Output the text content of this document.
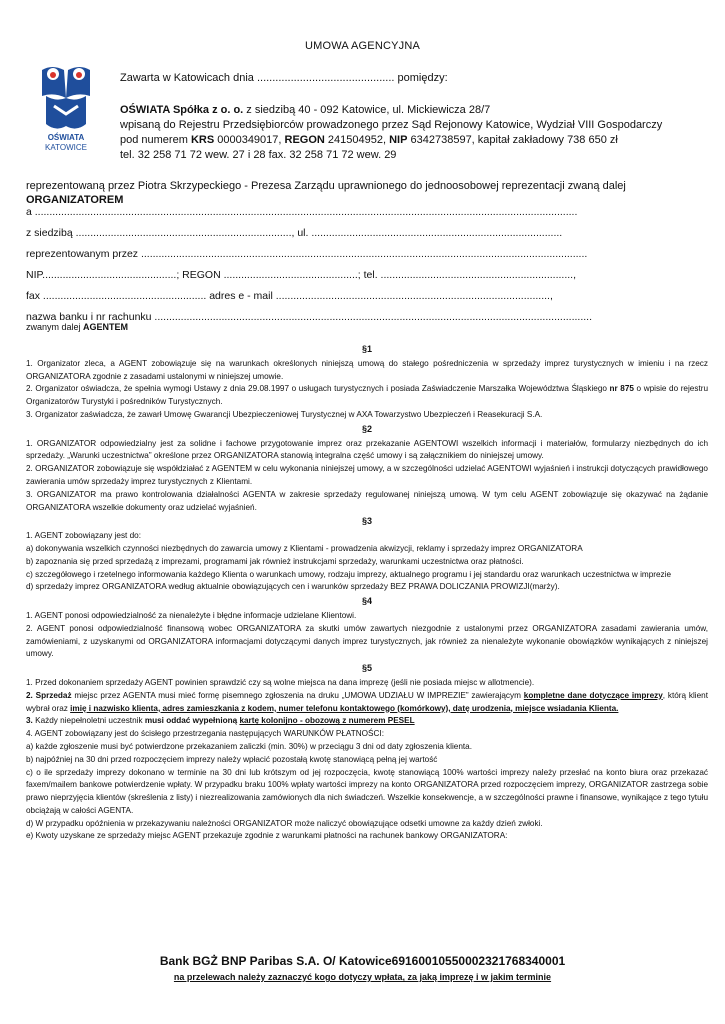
UMOWA AGENCYJNA
OŚWIATA
KATOWICE
Zawarta w Katowicach dnia ............................................. pomiędzy:
OŚWIATA Spółka z o. o. z siedzibą 40 - 092 Katowice, ul. Mickiewicza 28/7
wpisaną do Rejestru Przedsiębiorców prowadzonego przez Sąd Rejonowy Katowice, Wydział VIII Gospodarczy
pod numerem KRS 0000349017, REGON 241504952, NIP 6342738597, kapitał zakładowy 738 650 zł
tel. 32 258 71 72 wew. 27 i 28 fax. 32 258 71 72 wew. 29
reprezentowaną przez Piotra Skrzypeckiego - Prezesa Zarządu uprawnionego do jednoosobowej reprezentacji zwaną dalej
ORGANIZATOREM
a ..........................................................................................................................................................................................
z siedzibą .........................................................................., ul. ......................................................................................
reprezentowanym przez .........................................................................................................................................................
NIP..............................................; REGON ..............................................; tel. ..................................................................,
fax ........................................................ adres e - mail ..............................................................................................,
nazwa banku i nr rachunku ......................................................................................................................................................
zwanym dalej AGENTEM
§1

1. Organizator zleca, a AGENT zobowiązuje się na warunkach określonych niniejszą umową do stałego pośredniczenia w sprzedaży imprez turystycznych w imieniu i na rzecz ORGANIZATORA zgodnie z zasadami ustalonymi w niniejszej umowie.

2. Organizator oświadcza, że spełnia wymogi Ustawy z dnia 29.08.1997 o usługach turystycznych i posiada Zaświadczenie Marszałka Województwa Śląskiego nr 875 o wpisie do rejestru Organizatorów Turystyki i pośredników Turystycznych.

3. Organizator zaświadcza, że zawarł Umowę Gwarancji Ubezpieczeniowej Turystycznej w AXA Towarzystwo Ubezpieczeń i Reasekuracji S.A.

§2

1. ORGANIZATOR odpowiedzialny jest za solidne i fachowe przygotowanie imprez oraz przekazanie AGENTOWI wszelkich informacji i materiałów, formularzy niezbędnych do ich sprzedaży. „Warunki uczestnictwa” określone przez ORGANIZATORA stanowią integralna część umowy i są załącznikiem do niniejszej umowy.

2. ORGANIZATOR zobowiązuje się współdziałać z AGENTEM w celu wykonania niniejszej umowy, a w szczególności udzielać AGENTOWI wyjaśnień i instrukcji dotyczących prawidłowego zawierania umów sprzedaży imprez turystycznych z Klientami.

3. ORGANIZATOR ma prawo kontrolowania działalności AGENTA w zakresie sprzedaży regulowanej niniejszą umową. W tym celu AGENT zobowiązuje się okazywać na żądanie ORGANIZATORA wszelkie dokumenty oraz udzielać wyjaśnień.

§3

1. AGENT zobowiązany jest do:

a) dokonywania wszelkich czynności niezbędnych do zawarcia umowy z Klientami - prowadzenia akwizycji, reklamy i sprzedaży imprez ORGANIZATORA

b) zapoznania się przed sprzedażą z imprezami, programami jak również instrukcjami sprzedaży, warunkami uczestnictwa oraz płatności.

c) szczegółowego i rzetelnego informowania każdego Klienta o warunkach umowy, rodzaju imprezy, aktualnego programu i jej standardu oraz warunkach uczestnictwa w imprezie

d) sprzedaży imprez ORGANIZATORA według aktualnie obowiązujących cen i warunków sprzedaży BEZ PRAWA DOLICZANIA PROWIZJI(marży).

§4

1. AGENT ponosi odpowiedzialność za nienależyte i błędne informacje udzielane Klientowi.

2. AGENT ponosi odpowiedzialność finansową wobec ORGANIZATORA za skutki umów zawartych niezgodnie z ustalonymi przez ORGANIZATORA zasadami zawierania umów, zamówieniami, z uzyskanymi od ORGANIZATORA informacjami dotyczącymi danych imprez turystycznych, jak również za nienależyte wykonanie obowiązków wynikających z niniejszej umowy.

§5

1. Przed dokonaniem sprzedaży AGENT powinien sprawdzić czy są wolne miejsca na dana imprezę (jeśli nie posiada miejsc w allotmencie).

2. Sprzedaż miejsc przez AGENTA musi mieć formę pisemnego zgłoszenia na druku „UMOWA UDZIAŁU W IMPREZIE” zawierającym kompletne dane dotyczące imprezy, którą klient wybrał oraz imię i nazwisko klienta, adres zamieszkania z kodem, numer telefonu kontaktowego (komórkowy), datę urodzenia, miejsce wsiadania Klienta.

3. Każdy niepełnoletni uczestnik musi oddać wypełnioną kartę kolonijno - obozową z numerem PESEL

4. AGENT zobowiązany jest do ścisłego przestrzegania następujących WARUNKÓW PŁATNOŚCI:

a) każde zgłoszenie musi być potwierdzone przekazaniem zaliczki (min. 30%) w przeciągu 3 dni od daty zgłoszenia klienta.

b) najpóźniej na 30 dni przed rozpoczęciem imprezy należy wpłacić pozostałą kwotę stanowiącą pełną jej wartość

c) o ile sprzedaży imprezy dokonano w terminie na 30 dni lub krótszym od jej rozpoczęcia, kwotę stanowiącą 100% wartości imprezy należy przesłać na konto biura oraz przekazać faxem/mailem bankowe potwierdzenie wpłaty. W przypadku braku 100% wpłaty wartości imprezy na konto ORGANIZATORA przed rozpoczęciem imprezy, ORGANIZATOR zastrzega sobie prawo nieprzyjęcia klientów (skreślenia z listy) i niezrealizowania zamówionych dla nich świadczeń. Wszelkie konsekwencje, a w szczególności prawne i finansowe, wynikające z tego tytułu obciążają w całości AGENTA.

d) W przypadku opóźnienia w przekazywaniu należności ORGANIZATOR może naliczyć obowiązujące odsetki umowne za każdy dzień zwłoki.

e) Kwoty uzyskane ze sprzedaży miejsc AGENT przekazuje zgodnie z warunkami płatności na rachunek bankowy ORGANIZATORA:

Bank BGŻ BNP Paribas S.A. O/ Katowice69160010550002321768340001
na przelewach należy zaznaczyć kogo dotyczy wpłata, za jaką imprezę i w jakim terminie
